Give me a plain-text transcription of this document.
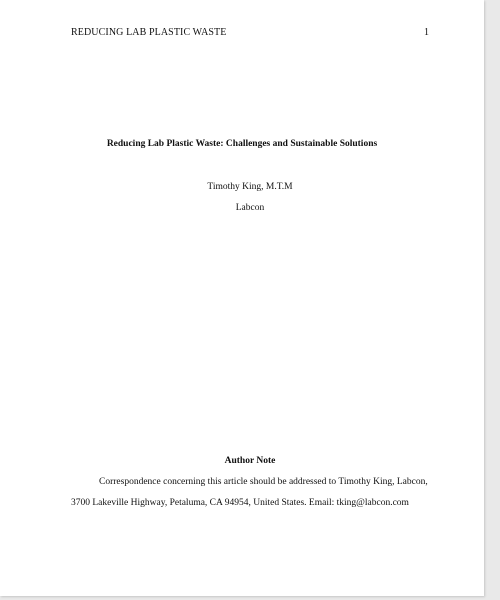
REDUCING LAB PLASTIC WASTE	1
Reducing Lab Plastic Waste: Challenges and Sustainable Solutions
Timothy King, M.T.M
Labcon
Author Note
Correspondence concerning this article should be addressed to Timothy King, Labcon,
3700 Lakeville Highway, Petaluma, CA 94954, United States. Email: tking@labcon.com
